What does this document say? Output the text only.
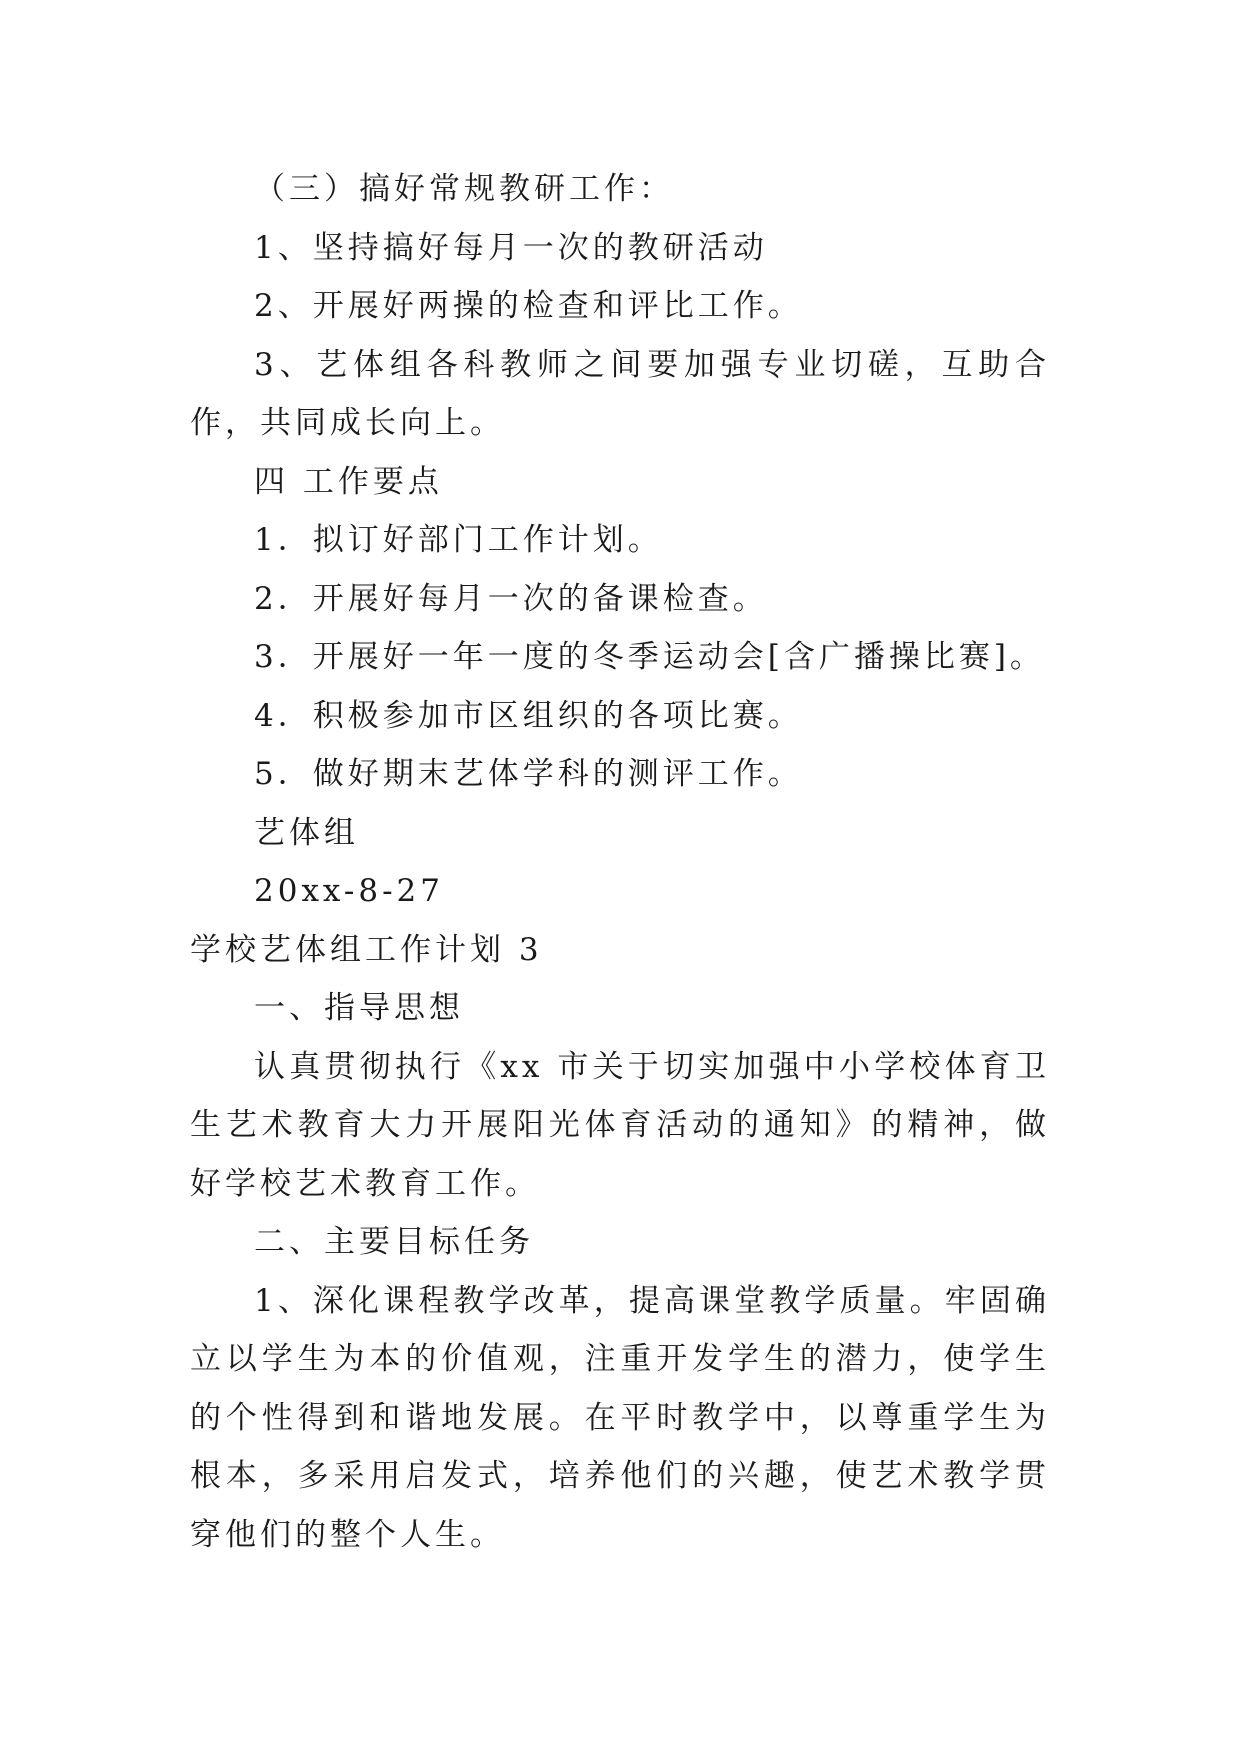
（三）搞好常规教研工作：

1、坚持搞好每月一次的教研活动

2、开展好两操的检查和评比工作。

3、艺体组各科教师之间要加强专业切磋，互助合作，共同成长向上。

四 工作要点

1．拟订好部门工作计划。

2．开展好每月一次的备课检查。

3．开展好一年一度的冬季运动会[含广播操比赛]。

4．积极参加市区组织的各项比赛。

5．做好期末艺体学科的测评工作。

艺体组

20xx-8-27

学校艺体组工作计划 3

一、指导思想

认真贯彻执行《xx 市关于切实加强中小学校体育卫生艺术教育大力开展阳光体育活动的通知》的精神，做好学校艺术教育工作。

二、主要目标任务

1、深化课程教学改革，提高课堂教学质量。牢固确立以学生为本的价值观，注重开发学生的潜力，使学生的个性得到和谐地发展。在平时教学中，以尊重学生为根本，多采用启发式，培养他们的兴趣，使艺术教学贯穿他们的整个人生。
